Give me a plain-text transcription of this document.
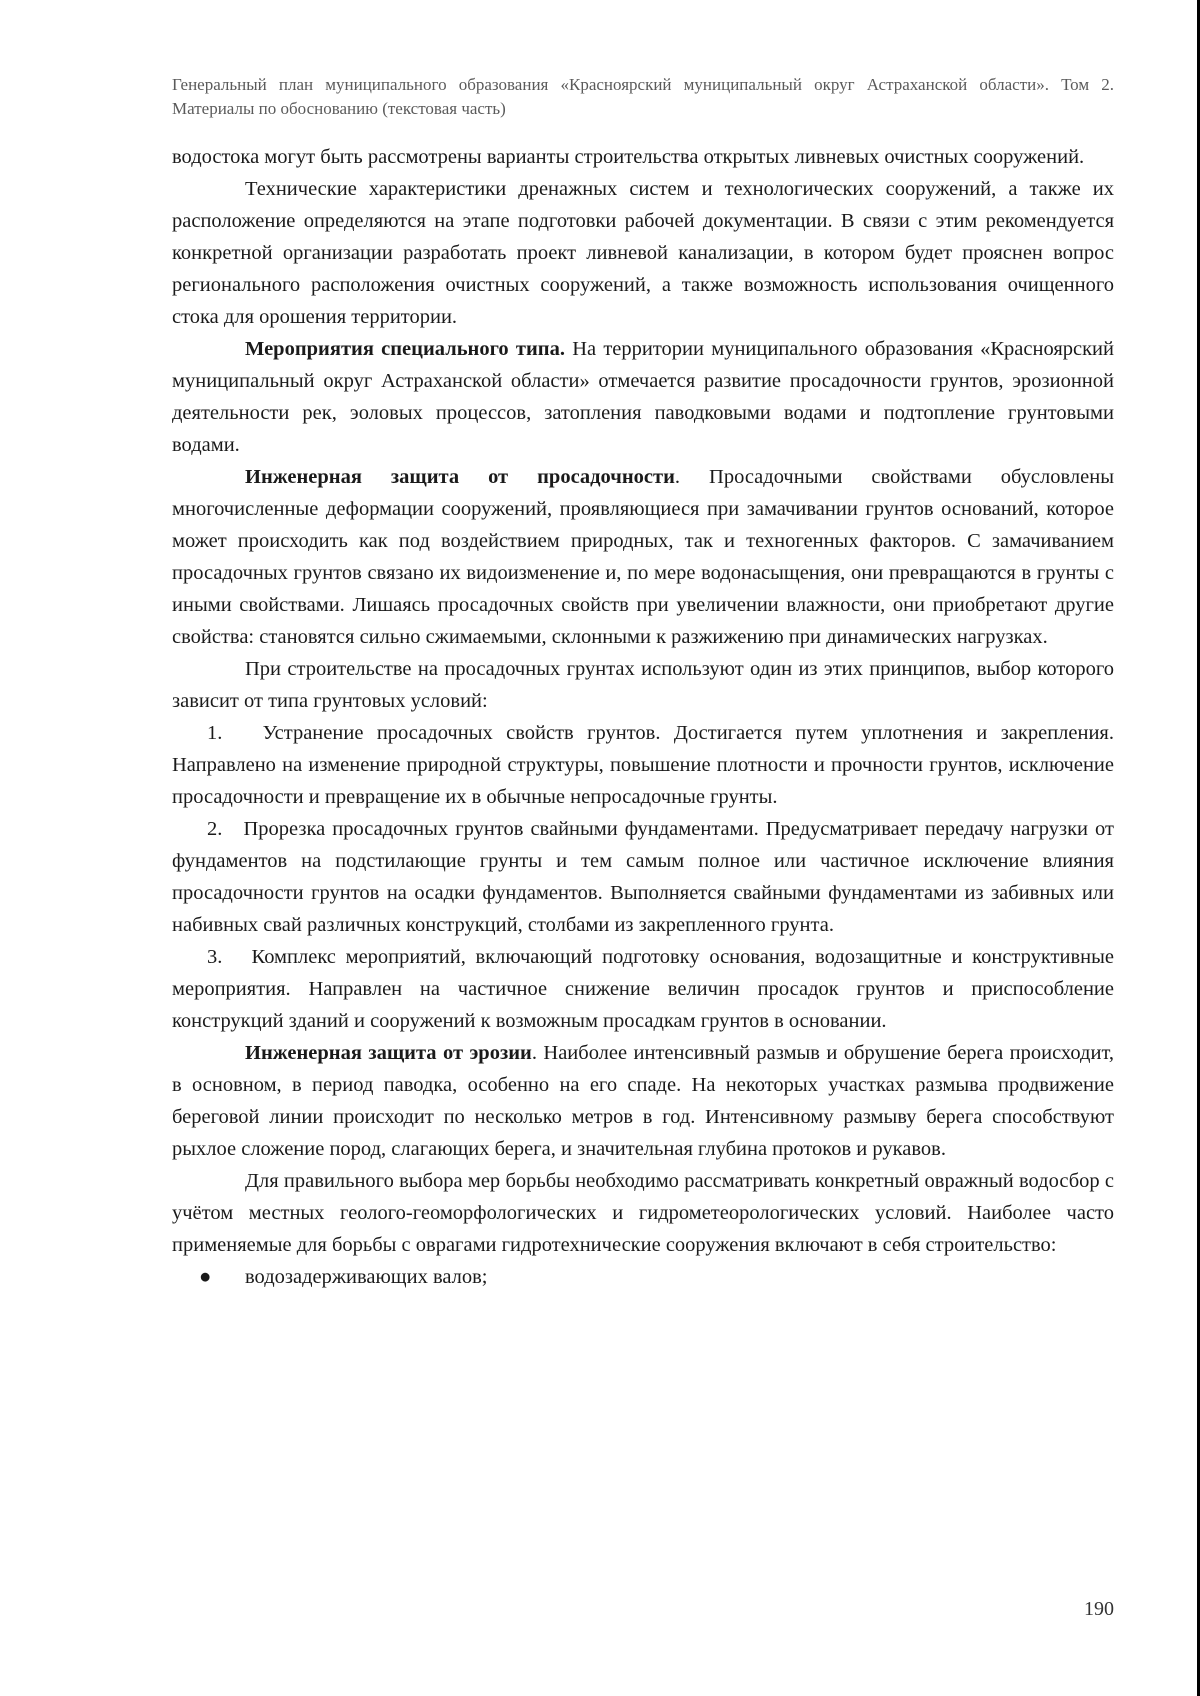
Генеральный план муниципального образования «Красноярский муниципальный округ Астраханской области». Том 2. Материалы по обоснованию (текстовая часть)

водостока могут быть рассмотрены варианты строительства открытых ливневых очистных сооружений.

Технические характеристики дренажных систем и технологических сооружений, а также их расположение определяются на этапе подготовки рабочей документации. В связи с этим рекомендуется конкретной организации разработать проект ливневой канализации, в котором будет прояснен вопрос регионального расположения очистных сооружений, а также возможность использования очищенного стока для орошения территории.

Мероприятия специального типа. На территории муниципального образования «Красноярский муниципальный округ Астраханской области» отмечается развитие просадочности грунтов, эрозионной деятельности рек, эоловых процессов, затопления паводковыми водами и подтопление грунтовыми водами.

Инженерная защита от просадочности. Просадочными свойствами обусловлены многочисленные деформации сооружений, проявляющиеся при замачивании грунтов оснований, которое может происходить как под воздействием природных, так и техногенных факторов. С замачиванием просадочных грунтов связано их видоизменение и, по мере водонасыщения, они превращаются в грунты с иными свойствами. Лишаясь просадочных свойств при увеличении влажности, они приобретают другие свойства: становятся сильно сжимаемыми, склонными к разжижению при динамических нагрузках.

При строительстве на просадочных грунтах используют один из этих принципов, выбор которого зависит от типа грунтовых условий:

1.   Устранение просадочных свойств грунтов. Достигается путем уплотнения и закрепления. Направлено на изменение природной структуры, повышение плотности и прочности грунтов, исключение просадочности и превращение их в обычные непросадочные грунты.

2.   Прорезка просадочных грунтов свайными фундаментами. Предусматривает передачу нагрузки от фундаментов на подстилающие грунты и тем самым полное или частичное исключение влияния просадочности грунтов на осадки фундаментов. Выполняется свайными фундаментами из забивных или набивных свай различных конструкций, столбами из закрепленного грунта.

3.   Комплекс мероприятий, включающий подготовку основания, водозащитные и конструктивные мероприятия. Направлен на частичное снижение величин просадок грунтов и приспособление конструкций зданий и сооружений к возможным просадкам грунтов в основании.

Инженерная защита от эрозии. Наиболее интенсивный размыв и обрушение берега происходит, в основном, в период паводка, особенно на его спаде. На некоторых участках размыва продвижение береговой линии происходит по несколько метров в год. Интенсивному размыву берега способствуют рыхлое сложение пород, слагающих берега, и значительная глубина протоков и рукавов.

Для правильного выбора мер борьбы необходимо рассматривать конкретный овражный водосбор с учётом местных геолого-геоморфологических и гидрометеорологических условий. Наиболее часто применяемые для борьбы с оврагами гидротехнические сооружения включают в себя строительство:

●	водозадерживающих валов;
190
